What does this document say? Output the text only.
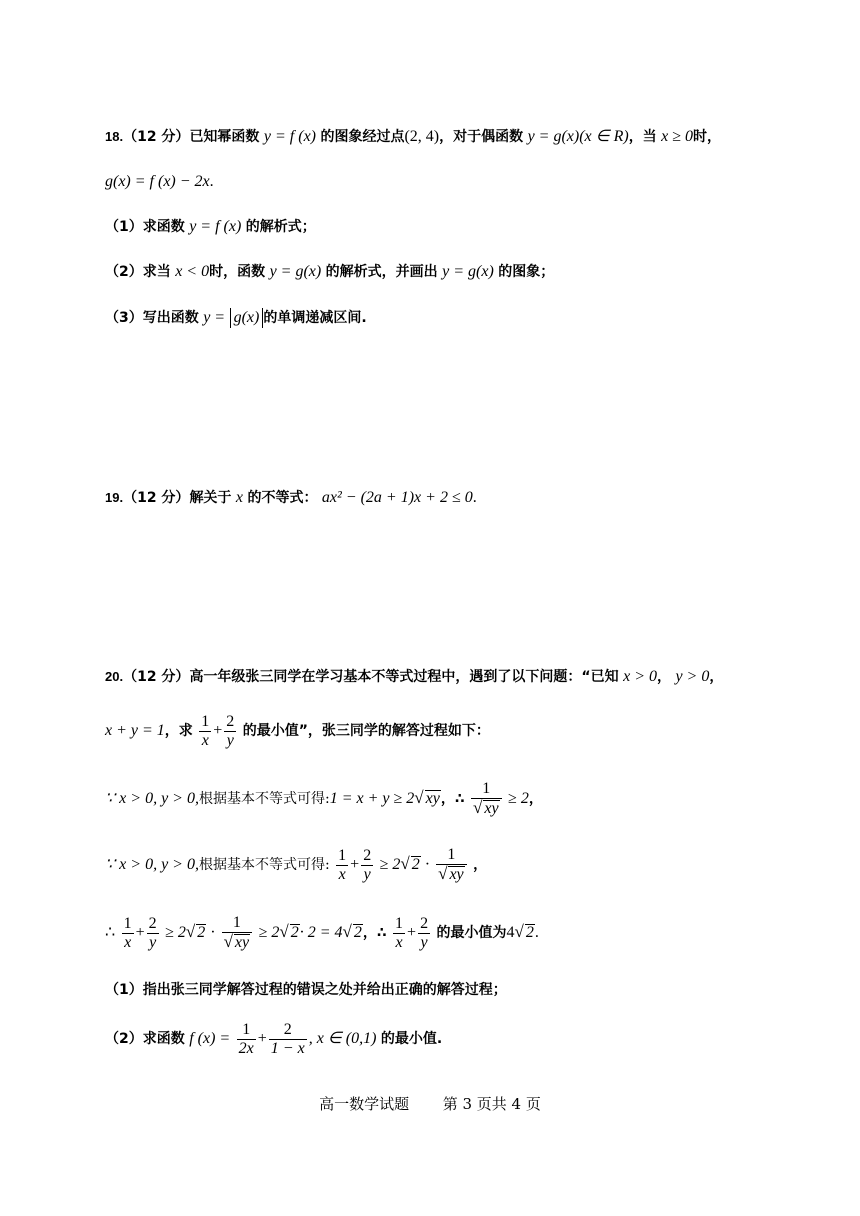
18.（12 分）已知幂函数 y = f (x) 的图象经过点(2, 4)，对于偶函数 y = g(x)(x ∈ R)，当 x ≥ 0时，
g(x) = f (x) − 2x.
（1）求函数 y = f (x) 的解析式；
（2）求当 x < 0时，函数 y = g(x) 的解析式，并画出 y = g(x) 的图象；
（3）写出函数 y = g(x) 的单调递减区间.
19.（12 分）解关于 x 的不等式： ax² − (2a + 1)x + 2 ≤ 0.
20.（12 分）高一年级张三同学在学习基本不等式过程中，遇到了以下问题：“已知 x > 0， y > 0，
x + y = 1，求 $\frac{1}{x} + \frac{2}{y}$ 的最小值”，张三同学的解答过程如下：
∵ x > 0, y > 0,根据基本不等式可得:1 = x + y ≥ 2√ xy，∴ $\frac{1}{√ xy} \ge 2$，
∵ x > 0, y > 0,根据基本不等式可得: $\frac{1}{x} + \frac{2}{y} \ge 2√$ $2 \cdot \frac{1}{√ xy}$ ，
∴ $\frac{1}{x} + \frac{2}{y} \ge 2√$ $2 \cdot \frac{1}{√ xy} \ge 2√$ 2· 2 = 4√ 2，∴ $\frac{1}{x} + \frac{2}{y}$ 的最小值为4√ 2.
（1）指出张三同学解答过程的错误之处并给出正确的解答过程；
（2）求函数 f $(x) = \frac{1}{2x} + \frac{2}{1 - x}$ , x ∈ (0,1) 的最小值.
高一数学试题 第 3 页共 4 页
